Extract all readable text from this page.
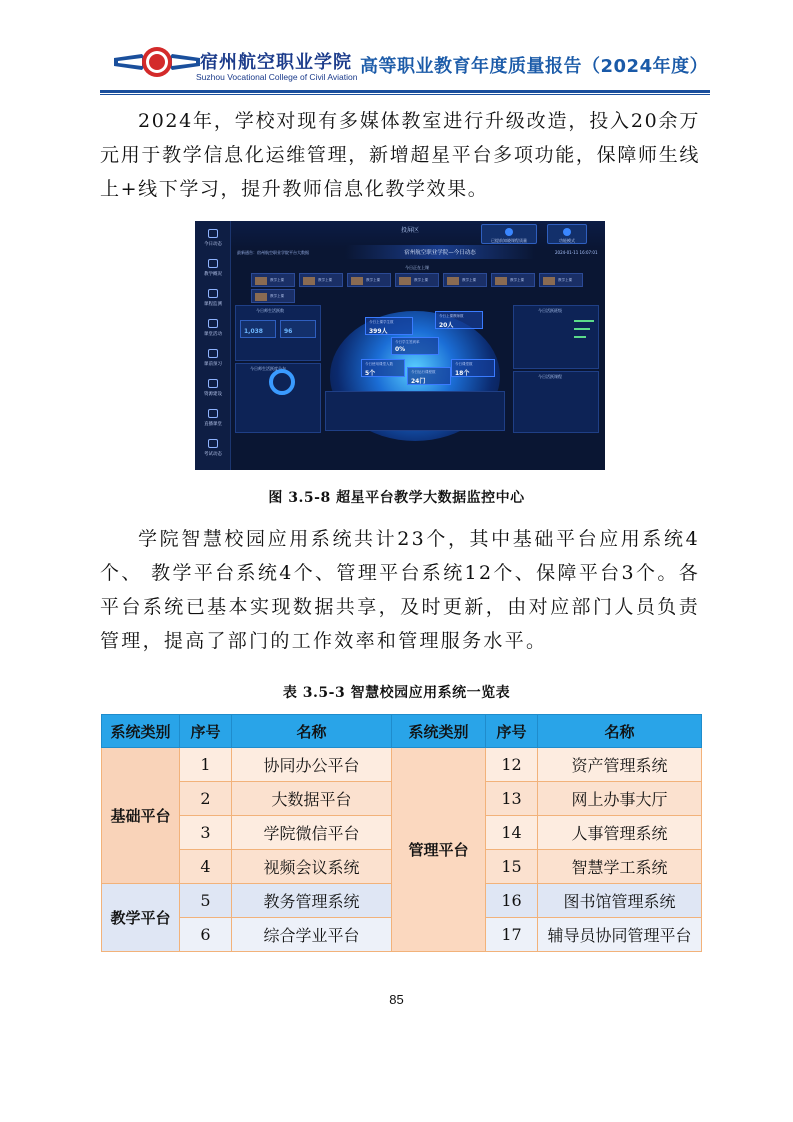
宿州航空职业学院
Suzhou Vocational College of Civil Aviation 高等职业教育年度质量报告（2024年度）

2024年，学校对现有多媒体教室进行升级改造，投入20余万元用于教学信息化运维管理，新增超星平台多项功能，保障师生线上+线下学习，提升教师信息化教学效果。

今日动态
教学概况
课程监测
课堂活动
课前预习
资源建设
直播课堂
考试动态
投屏区
已提前知晓课程质量	功能模式
宿州航空职业学院—今日动态
最新通告：宿州航空职业学院平台大数据	2024-01-11 16:07:01
今日正在上课
教学上课	教学上课	教学上课	教学上课	教学上课	教学上课	教学上课
教学上课
今日师生活跃数
1,038	96
今日师生活跃度分布
今日上课学生数
399人
今日上课教师数
20人
今日学生签到率
0%
今日使用课堂人数
5个	今日运行课程数
24门
今日课堂数
18个
今日活跃班级
今日活跃课程
图 3.5-8 超星平台教学大数据监控中心

学院智慧校园应用系统共计23个，其中基础平台应用系统4个、 教学平台系统4个、管理平台系统12个、保障平台3个。各平台系统已基本实现数据共享，及时更新，由对应部门人员负责管理，提高了部门的工作效率和管理服务水平。

表 3.5-3 智慧校园应用系统一览表
系统类别	序号	名称	系统类别	序号	名称
基础平台	1	协同办公平台	管理平台	12	资产管理系统
	2	大数据平台		13	网上办事大厅
	3	学院微信平台		14	人事管理系统
	4	视频会议系统		15	智慧学工系统
教学平台	5	教务管理系统		16	图书馆管理系统
	6	综合学业平台		17	辅导员协同管理平台
85
